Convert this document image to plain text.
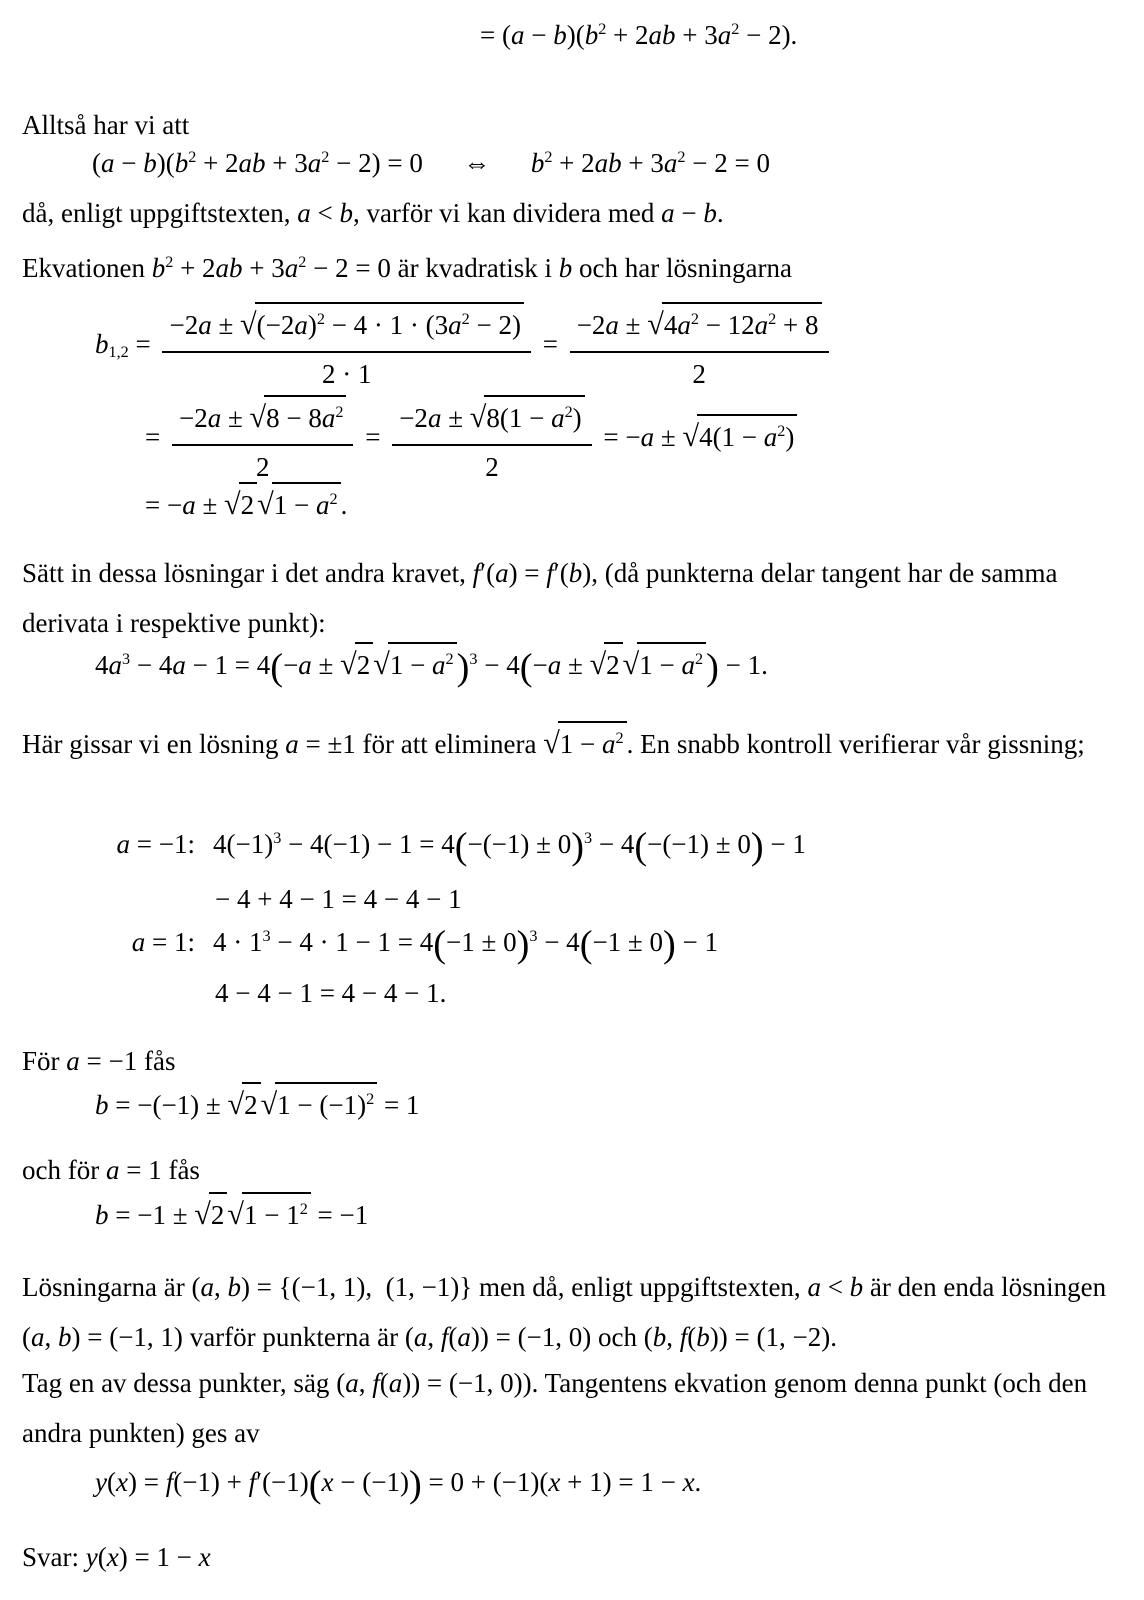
= $(a - b)(b^2 + 2ab + 3a^2 - 2)$.

Alltså har vi att

$(a - b)(b^2 + 2ab + 3a^2 - 2) = 0$  ⇔  $b^2 + 2ab + 3a^2 - 2 = 0$

då, enligt uppgiftstexten, a < b, varför vi kan dividera med a − b.

Ekvationen $b^2 + 2ab + 3a^2 - 2 = 0$ är kvadratisk i b och har lösningarna

$b_{1,2} = \frac{-2a \pm √(-2a)^2 - 4 \cdot 1 \cdot (3a^2 - 2)}{2 \cdot 1} = \frac{-2a \pm √4a^2 - 12a^2 + 8}{2}$
= $\frac{-2a \pm √8 - 8a^2}{2} = \frac{-2a \pm √8(1 - a^2)}{2} = -a \pm √4(1 - a^2)$
= $-a \pm √2√1 - a^2$ .

Sätt in dessa lösningar i det andra kravet, f′(a) = f′(b), (då punkterna delar tangent har de samma derivata i respektive punkt):

$4a^3 - 4a - 1 = 4(-a \pm √2√1 - a^2)^3 - 4(-a \pm √2√1 - a^2) - 1$.

Här gissar vi en lösning a = ±1 för att eliminera $√1 - a^2$ . En snabb kontroll verifierar vår gissning;

a = −1: $4(-1)^3 - 4(-1) - 1 = 4(-(-1) \pm 0)^3 - 4(-(-1) \pm 0) - 1$
− 4 + 4 − 1 = 4 − 4 − 1
a = 1: $4 \cdot 1^3 - 4 \cdot 1 - 1 = 4(-1 \pm 0)^3 - 4(-1 \pm 0) - 1$
4 − 4 − 1 = 4 − 4 − 1.

För a = −1 fås

$b = -(-1) \pm √2√1 - (-1)^2 = 1$

och för a = 1 fås

$b = -1 \pm √2√1 - 1^2 = -1$

Lösningarna är (a, b) = {(−1, 1), (1, −1)} men då, enligt uppgiftstexten, a < b är den enda lösningen (a, b) = (−1, 1) varför punkterna är (a, f(a)) = (−1, 0) och (b, f(b)) = (1, −2).

Tag en av dessa punkter, säg (a, f(a)) = (−1, 0)). Tangentens ekvation genom denna punkt (och den andra punkten) ges av

y(x) = f(−1) + f′(−1)(x − (−1)) = 0 + (−1)(x + 1) = 1 − x.

Svar: y(x) = 1 − x
